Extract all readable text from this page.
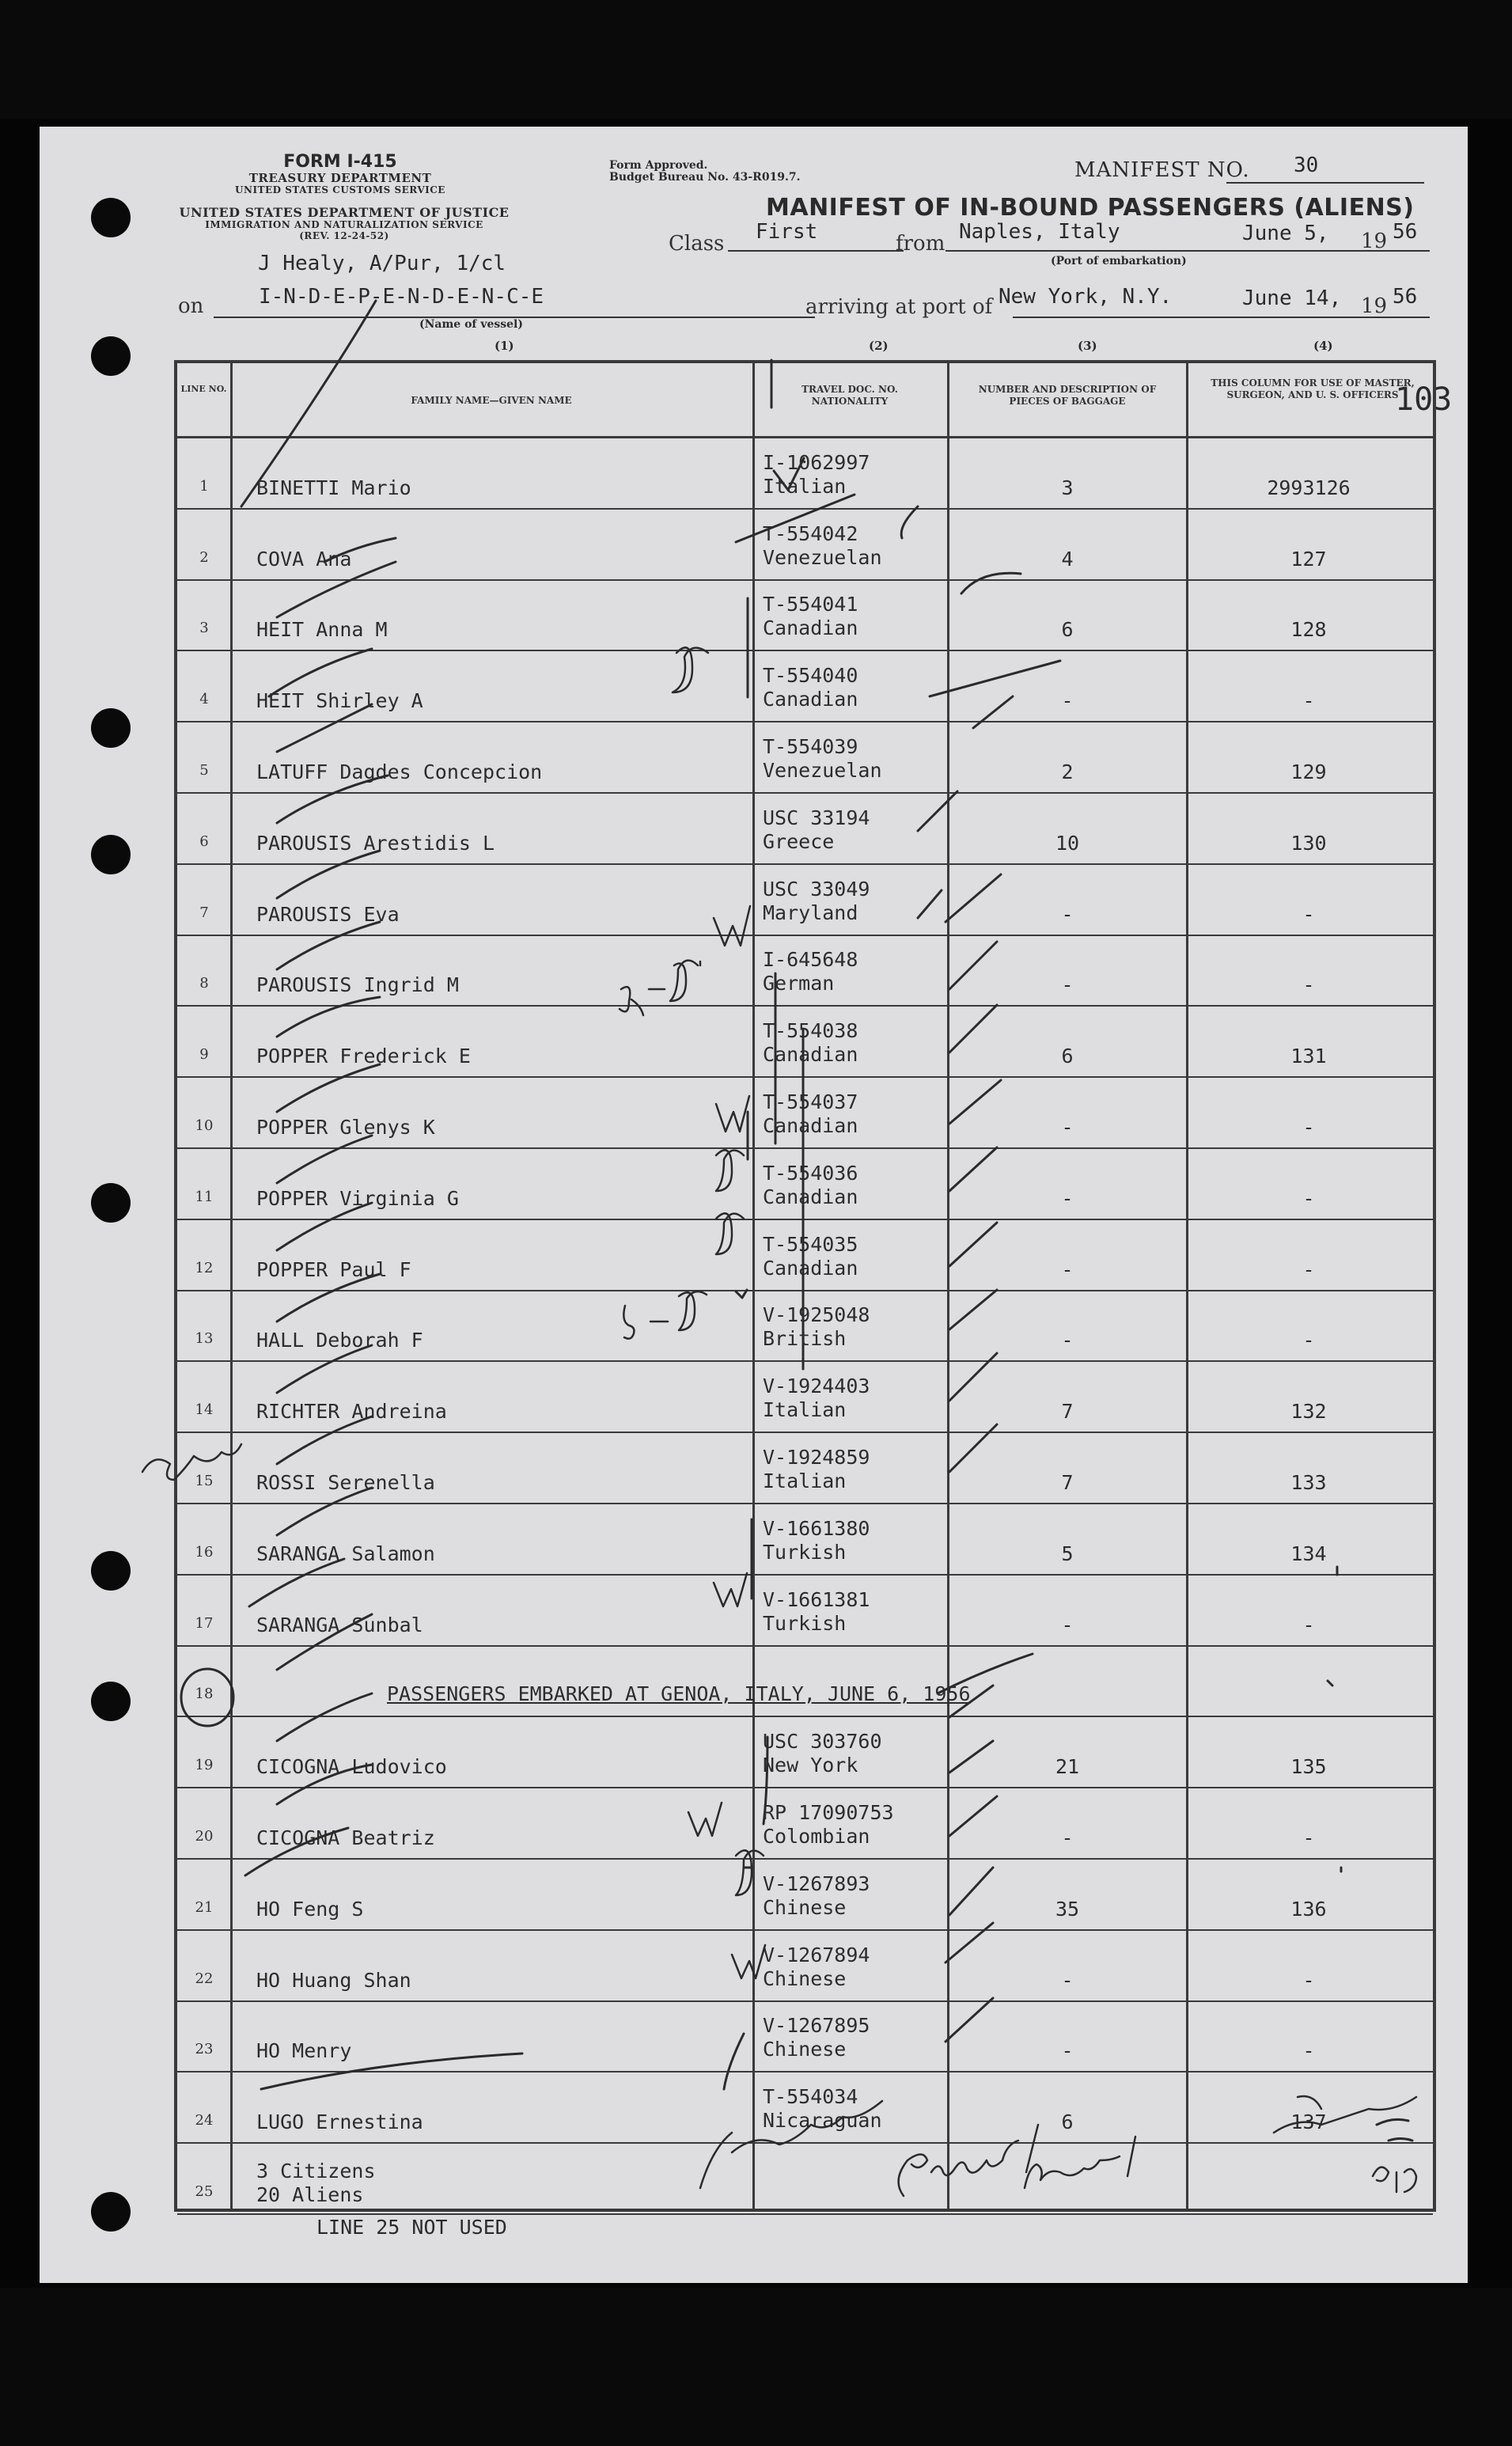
FORM I-415
TREASURY DEPARTMENT
UNITED STATES CUSTOMS SERVICE
UNITED STATES DEPARTMENT OF JUSTICE
IMMIGRATION AND NATURALIZATION SERVICE
(REV. 12-24-52)
Form Approved.
Budget Bureau No. 43-R019.7.	MANIFEST NO. 30
MANIFEST OF IN-BOUND PASSENGERS (ALIENS)
J Healy, A/Pur, 1/cl
Class First	from Naples, Italy	June 5, 19 56
(Port of embarkation)
on	I-N-D-E-P-E-N-D-E-N-C-E
(Name of vessel)
arriving at port of New York, N.Y.	June 14, 19 56
(1)	(2)	(3)	(4)
103
LINE NO.
FAMILY NAME—GIVEN NAME
TRAVEL DOC. NO. NATIONALITY
NUMBER AND DESCRIPTION OF PIECES OF BAGGAGE
THIS COLUMN FOR USE OF MASTER, SURGEON, AND U. S. OFFICERS
1	BINETTI Mario
I-1062997
Italian	3	2993126
2	COVA Ana
T-554042
Venezuelan	4	127
3	HEIT Anna M
T-554041
Canadian	6	128
4	HEIT Shirley A
T-554040
Canadian	-	-
5	LATUFF Dagdes Concepcion
T-554039
Venezuelan	2	129
6	PAROUSIS Arestidis L
USC 33194
Greece	10	130
7	PAROUSIS Eva
USC 33049
Maryland	-	-
8	PAROUSIS Ingrid M
I-645648
German	-	-
9	POPPER Frederick E
T-554038
Canadian	6	131
10	POPPER Glenys K
T-554037
Canadian	-	-
11	POPPER Virginia G
T-554036
Canadian	-	-
12	POPPER Paul F
T-554035
Canadian	-	-
13	HALL Deborah F
V-1925048
British	-	-
14	RICHTER Andreina
V-1924403
Italian	7	132
15	ROSSI Serenella
V-1924859
Italian	7	133
16	SARANGA Salamon
V-1661380
Turkish	5	134
17	SARANGA Sunbal
V-1661381
Turkish	-	-
18	PASSENGERS EMBARKED AT GENOA, ITALY, JUNE 6, 1956
19	CICOGNA Ludovico
USC 303760
New York	21	135
20	CICOGNA Beatriz
RP 17090753
Colombian	-	-
21	HO Feng S
V-1267893
Chinese	35	136
22	HO Huang Shan
V-1267894
Chinese	-	-
23	HO Menry
V-1267895
Chinese	-	-
24	LUGO Ernestina
T-554034
Nicaraguan	6	137
25
3 Citizens
20 Aliens
LINE 25 NOT USED
